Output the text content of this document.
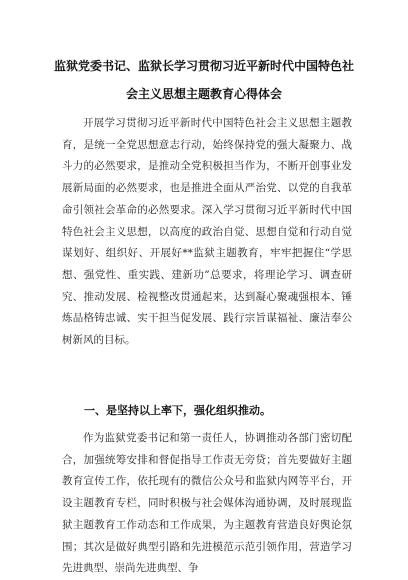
监狱党委书记、监狱长学习贯彻习近平新时代中国特色社
会主义思想主题教育心得体会

开展学习贯彻习近平新时代中国特色社会主义思想主题教育，是统一全党思想意志行动，始终保持党的强大凝聚力、战斗力的必然要求，是推动全党积极担当作为，不断开创事业发展新局面的必然要求，也是推进全面从严治党、以党的自我革命引领社会革命的必然要求。深入学习贯彻习近平新时代中国特色社会主义思想，以高度的政治自觉、思想自觉和行动自觉谋划好、组织好、开展好**监狱主题教育，牢牢把握住“学思想、强党性、重实践、建新功”总要求，将理论学习、调查研究、推动发展、检视整改贯通起来，达到凝心聚魂强根本、锤炼品格铸忠诚、实干担当促发展、践行宗旨谋福祉、廉洁奉公树新风的目标。

一、是坚持以上率下，强化组织推动。

作为监狱党委书记和第一责任人，协调推动各部门密切配合，加强统筹安排和督促指导工作责无旁贷；首先要做好主题教育宣传工作，依托现有的微信公众号和监狱内网等平台，开设主题教育专栏，同时积极与社会媒体沟通协调，及时展现监狱主题教育工作动态和工作成果，为主题教育营造良好舆论氛围；其次是做好典型引路和先进模范示范引领作用，营造学习先进典型、崇尚先进典型、争
